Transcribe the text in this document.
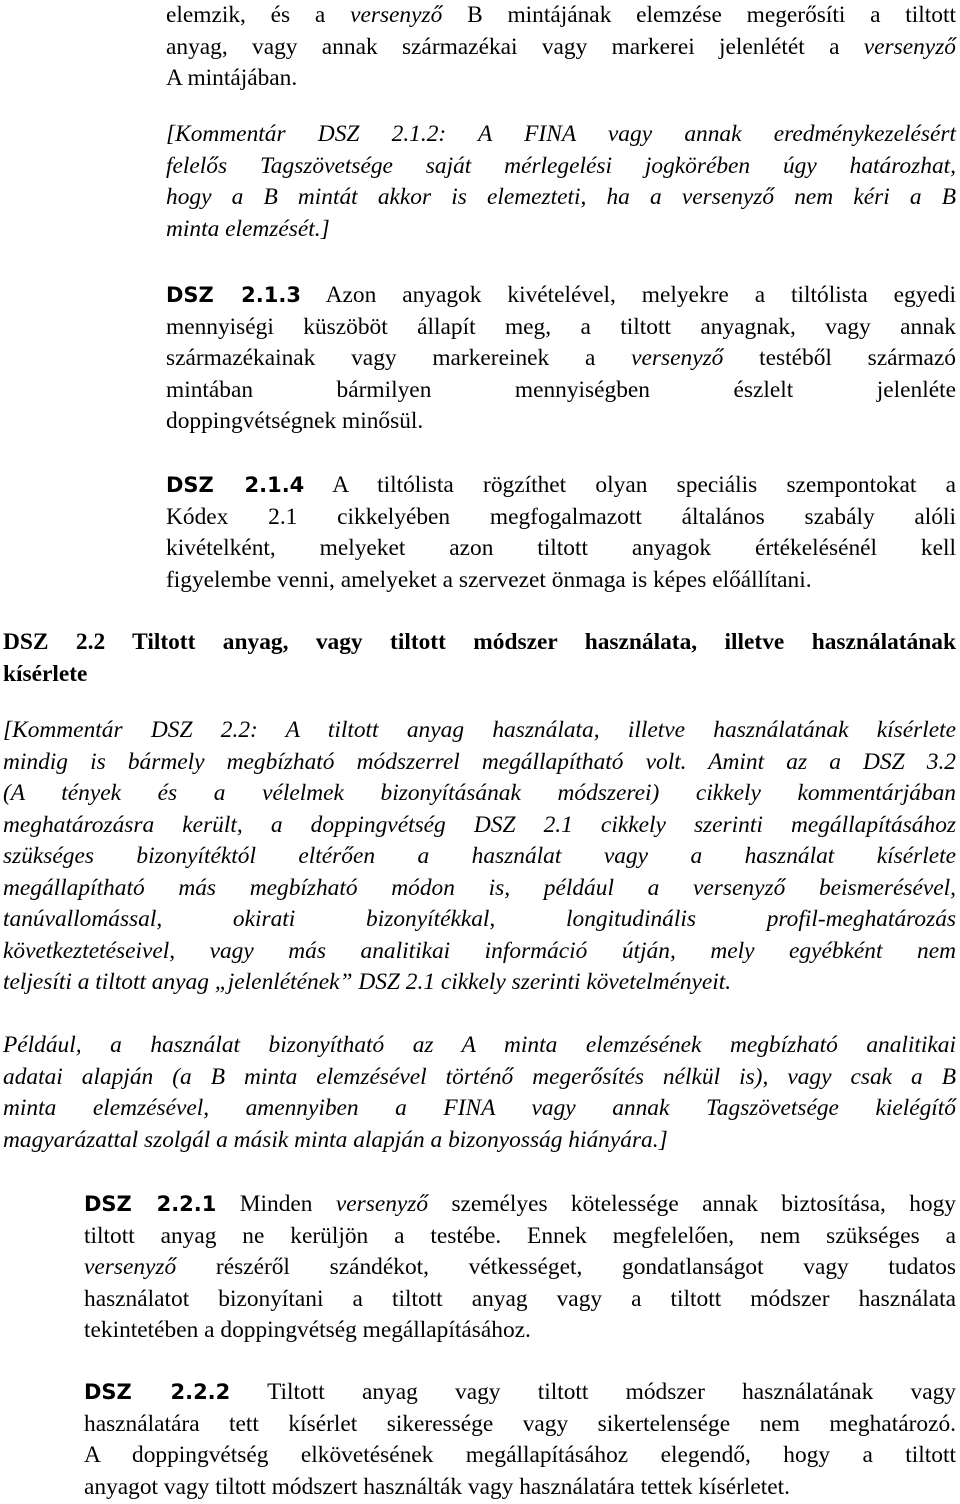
elemzik, és a versenyző B mintájának elemzése megerősíti a tiltott
anyag, vagy annak származékai vagy markerei jelenlétét a versenyző
A mintájában.
[Kommentár DSZ 2.1.2: A FINA vagy annak eredménykezelésért
felelős Tagszövetsége saját mérlegelési jogkörében úgy határozhat,
hogy a B mintát akkor is elemezteti, ha a versenyző nem kéri a B
minta elemzését.]
DSZ 2.1.3 Azon anyagok kivételével, melyekre a tiltólista egyedi
mennyiségi küszöböt állapít meg, a tiltott anyagnak, vagy annak
származékainak vagy markereinek a versenyző testéből származó
mintában bármilyen mennyiségben észlelt jelenléte
doppingvétségnek minősül.
DSZ 2.1.4 A tiltólista rögzíthet olyan speciális szempontokat a
Kódex 2.1 cikkelyében megfogalmazott általános szabály alóli
kivételként, melyeket azon tiltott anyagok értékelésénél kell
figyelembe venni, amelyeket a szervezet önmaga is képes előállítani.
DSZ 2.2 Tiltott anyag, vagy tiltott módszer használata, illetve használatának
kísérlete
[Kommentár DSZ 2.2: A tiltott anyag használata, illetve használatának kísérlete
mindig is bármely megbízható módszerrel megállapítható volt. Amint az a DSZ 3.2
(A tények és a vélelmek bizonyításának módszerei) cikkely kommentárjában
meghatározásra került, a doppingvétség DSZ 2.1 cikkely szerinti megállapításához
szükséges bizonyítéktól eltérően a használat vagy a használat kísérlete
megállapítható más megbízható módon is, például a versenyző beismerésével,
tanúvallomással, okirati bizonyítékkal, longitudinális profil-meghatározás
következtetéseivel, vagy más analitikai információ útján, mely egyébként nem
teljesíti a tiltott anyag „jelenlétének” DSZ 2.1 cikkely szerinti követelményeit.
Például, a használat bizonyítható az A minta elemzésének megbízható analitikai
adatai alapján (a B minta elemzésével történő megerősítés nélkül is), vagy csak a B
minta elemzésével, amennyiben a FINA vagy annak Tagszövetsége kielégítő
magyarázattal szolgál a másik minta alapján a bizonyosság hiányára.]
DSZ 2.2.1 Minden versenyző személyes kötelessége annak biztosítása, hogy
tiltott anyag ne kerüljön a testébe. Ennek megfelelően, nem szükséges a
versenyző részéről szándékot, vétkességet, gondatlanságot vagy tudatos
használatot bizonyítani a tiltott anyag vagy a tiltott módszer használata
tekintetében a doppingvétség megállapításához.
DSZ 2.2.2 Tiltott anyag vagy tiltott módszer használatának vagy
használatára tett kísérlet sikeressége vagy sikertelensége nem meghatározó.
A doppingvétség elkövetésének megállapításához elegendő, hogy a tiltott
anyagot vagy tiltott módszert használták vagy használatára tettek kísérletet.
